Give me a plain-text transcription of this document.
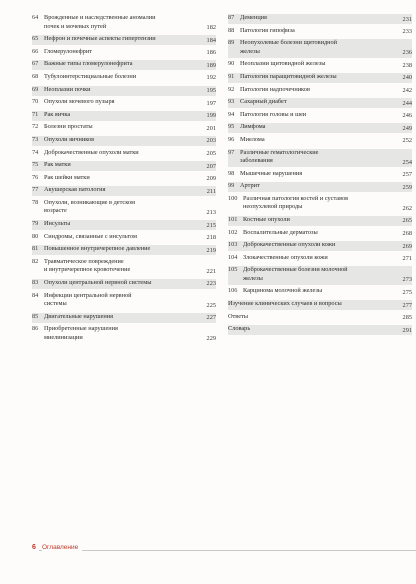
64 Врожденные и наследственные аномалии
почек и мочевых путей	182
65 Нефрон и почечные аспекты гипертензии	184
66 Гломерулонефрит	186
67 Важные типы гломерулонефрита	189
68 Тубулоинтерстициальные болезни	192
69 Неоплазии почки	195
70 Опухоли мочевого пузыря	197
71 Рак яичка	199
72 Болезни простаты	201
73 Опухоли яичников	203
74 Доброкачественные опухоли матки	205
75 Рак матки	207
76 Рак шейки матки	209
77 Акушерская патология	211
78 Опухоли, возникающие в детском
возрасте	213
79 Инсульты	215
80 Синдромы, связанные с инсультом	218
81 Повышенное внутричерепное давление	219
82 Травматическое повреждение
и внутричерепное кровотечение	221
83 Опухоли центральной нервной системы	223
84 Инфекции центральной нервной
системы	225
85 Двигательные нарушения	227
86 Приобретенные нарушения
миелинизации	229
87 Деменция	231
88 Патология гипофиза	233
89 Неопухолевые болезни щитовидной
железы	236
90 Неоплазии щитовидной железы	238
91 Патология паращитовидной железы	240
92 Патология надпочечников	242
93 Сахарный диабет	244
94 Патология головы и шеи	246
95 Лимфома	249
96 Миелома	252
97 Различные гематологические
заболевания	254
98 Мышечные нарушения	257
99 Артрит	259
100 Различная патология костей и суставов
неопухлевой природы	262
101 Костные опухоли	265
102 Воспалительные дерматозы	268
103 Доброкачественные опухоли кожи	269
104 Злокачественные опухоли кожи	271
105 Доброкачественные болезни молочной
железы	273
106 Карцинома молочной железы	275
Изучение клинических случаев и вопросы	277
Ответы	285
Словарь	291
6 Оглавление
